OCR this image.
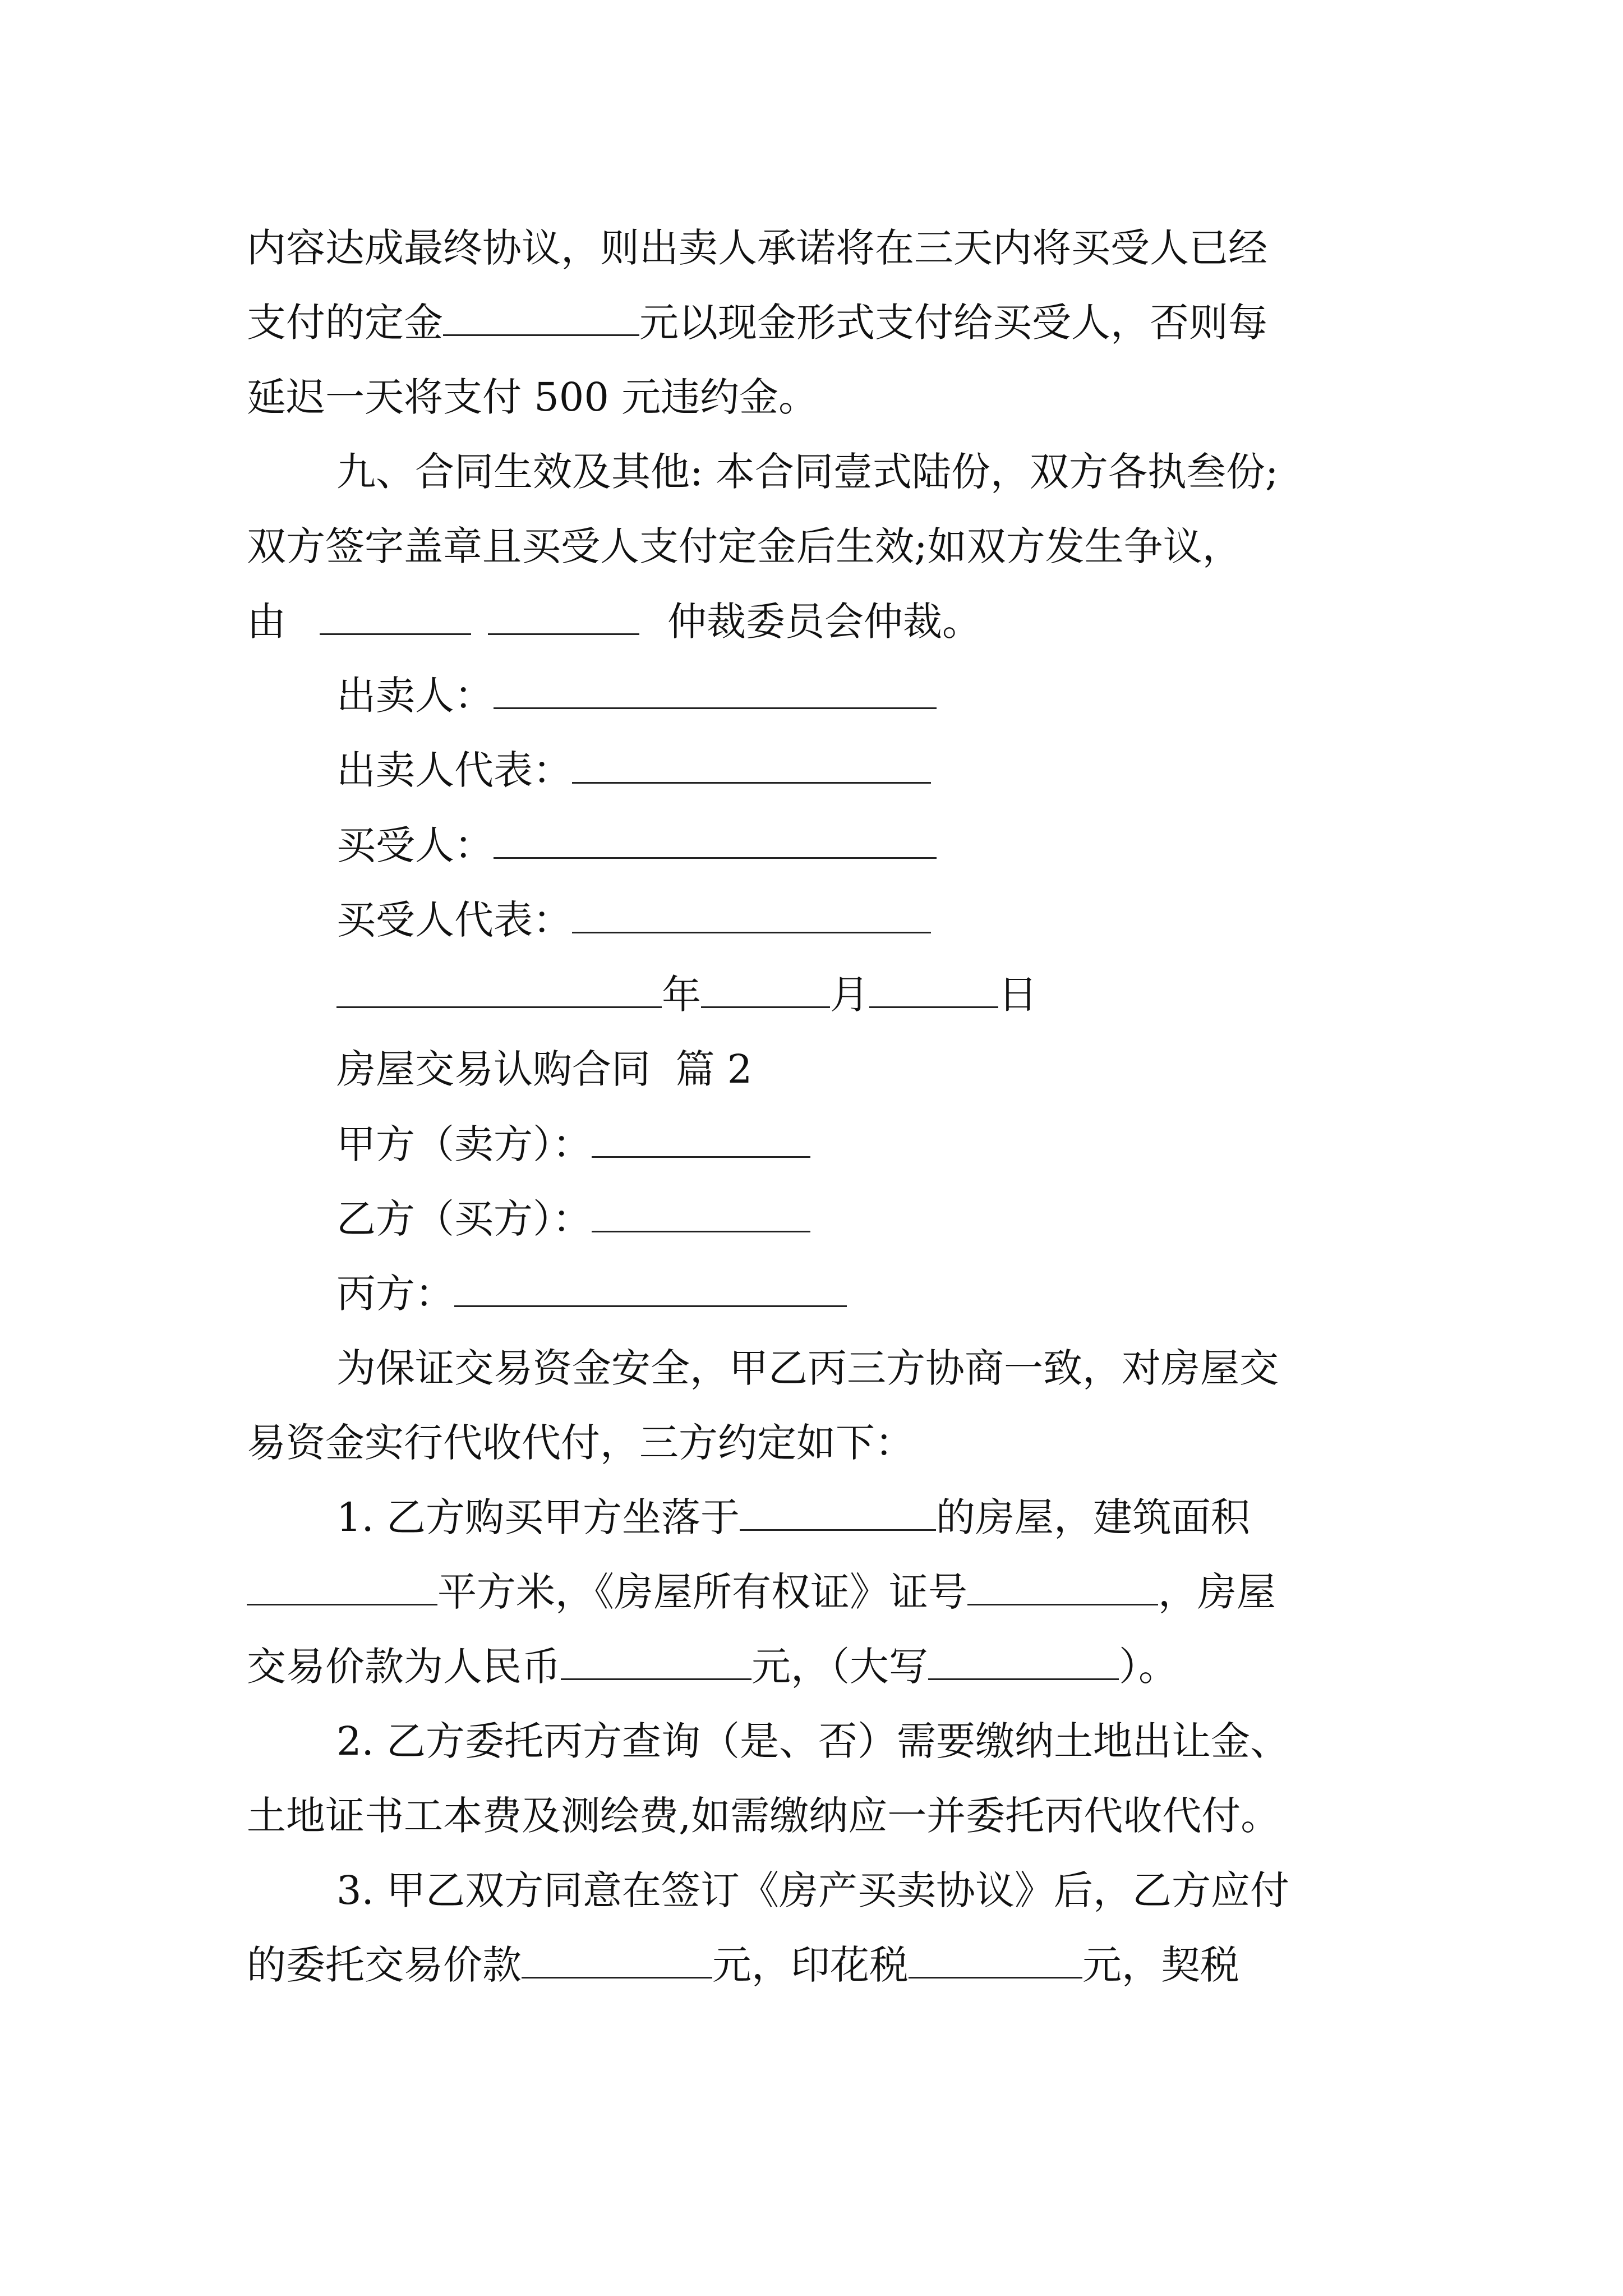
内容达成最终协议，则出卖人承诺将在三天内将买受人已经
支付的定金	元以现金形式支付给买受人，否则每
延迟一天将支付 500 元违约金。
九、合同生效及其他: 本合同壹式陆份，双方各执叁份;
双方签字盖章且买受人支付定金后生效;如双方发生争议，
由	仲裁委员会仲裁。
出卖人：
出卖人代表：
买受人：
买受人代表：
年	月	日
房屋交易认购合同  篇 2
甲方（卖方）：
乙方（买方）：
丙方：
为保证交易资金安全，甲乙丙三方协商一致，对房屋交
易资金实行代收代付，三方约定如下：
1. 乙方购买甲方坐落于	的房屋，建筑面积
平方米，《房屋所有权证》证号	，房屋
交易价款为人民币	元，（大写	）。
2. 乙方委托丙方查询（是、否）需要缴纳土地出让金、
土地证书工本费及测绘费,如需缴纳应一并委托丙代收代付。
3. 甲乙双方同意在签订《房产买卖协议》后，乙方应付
的委托交易价款	元，印花税	元，契税
